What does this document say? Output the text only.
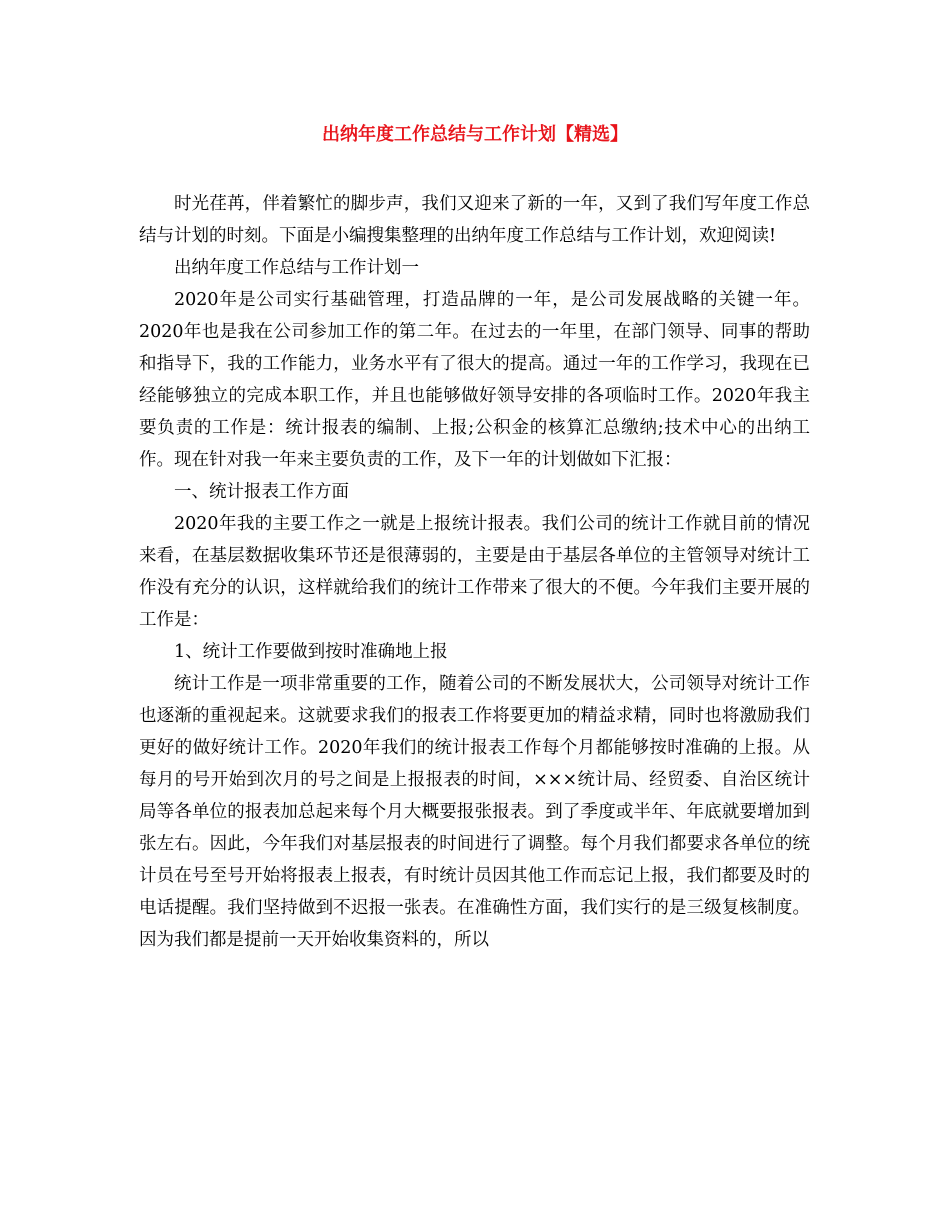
出纳年度工作总结与工作计划【精选】

时光荏苒，伴着繁忙的脚步声，我们又迎来了新的一年，又到了我们写年度工作总结与计划的时刻。下面是小编搜集整理的出纳年度工作总结与工作计划，欢迎阅读!

出纳年度工作总结与工作计划一

2020年是公司实行基础管理，打造品牌的一年，是公司发展战略的关键一年。2020年也是我在公司参加工作的第二年。在过去的一年里，在部门领导、同事的帮助和指导下，我的工作能力，业务水平有了很大的提高。通过一年的工作学习，我现在已经能够独立的完成本职工作，并且也能够做好领导安排的各项临时工作。2020年我主要负责的工作是：统计报表的编制、上报;公积金的核算汇总缴纳;技术中心的出纳工作。现在针对我一年来主要负责的工作，及下一年的计划做如下汇报：

一、统计报表工作方面

2020年我的主要工作之一就是上报统计报表。我们公司的统计工作就目前的情况来看，在基层数据收集环节还是很薄弱的，主要是由于基层各单位的主管领导对统计工作没有充分的认识，这样就给我们的统计工作带来了很大的不便。今年我们主要开展的工作是：

1、统计工作要做到按时准确地上报

统计工作是一项非常重要的工作，随着公司的不断发展状大，公司领导对统计工作也逐渐的重视起来。这就要求我们的报表工作将要更加的精益求精，同时也将激励我们更好的做好统计工作。2020年我们的统计报表工作每个月都能够按时准确的上报。从每月的号开始到次月的号之间是上报报表的时间，×××统计局、经贸委、自治区统计局等各单位的报表加总起来每个月大概要报张报表。到了季度或半年、年底就要增加到张左右。因此，今年我们对基层报表的时间进行了调整。每个月我们都要求各单位的统计员在号至号开始将报表上报表，有时统计员因其他工作而忘记上报，我们都要及时的电话提醒。我们坚持做到不迟报一张表。在准确性方面，我们实行的是三级复核制度。因为我们都是提前一天开始收集资料的，所以
